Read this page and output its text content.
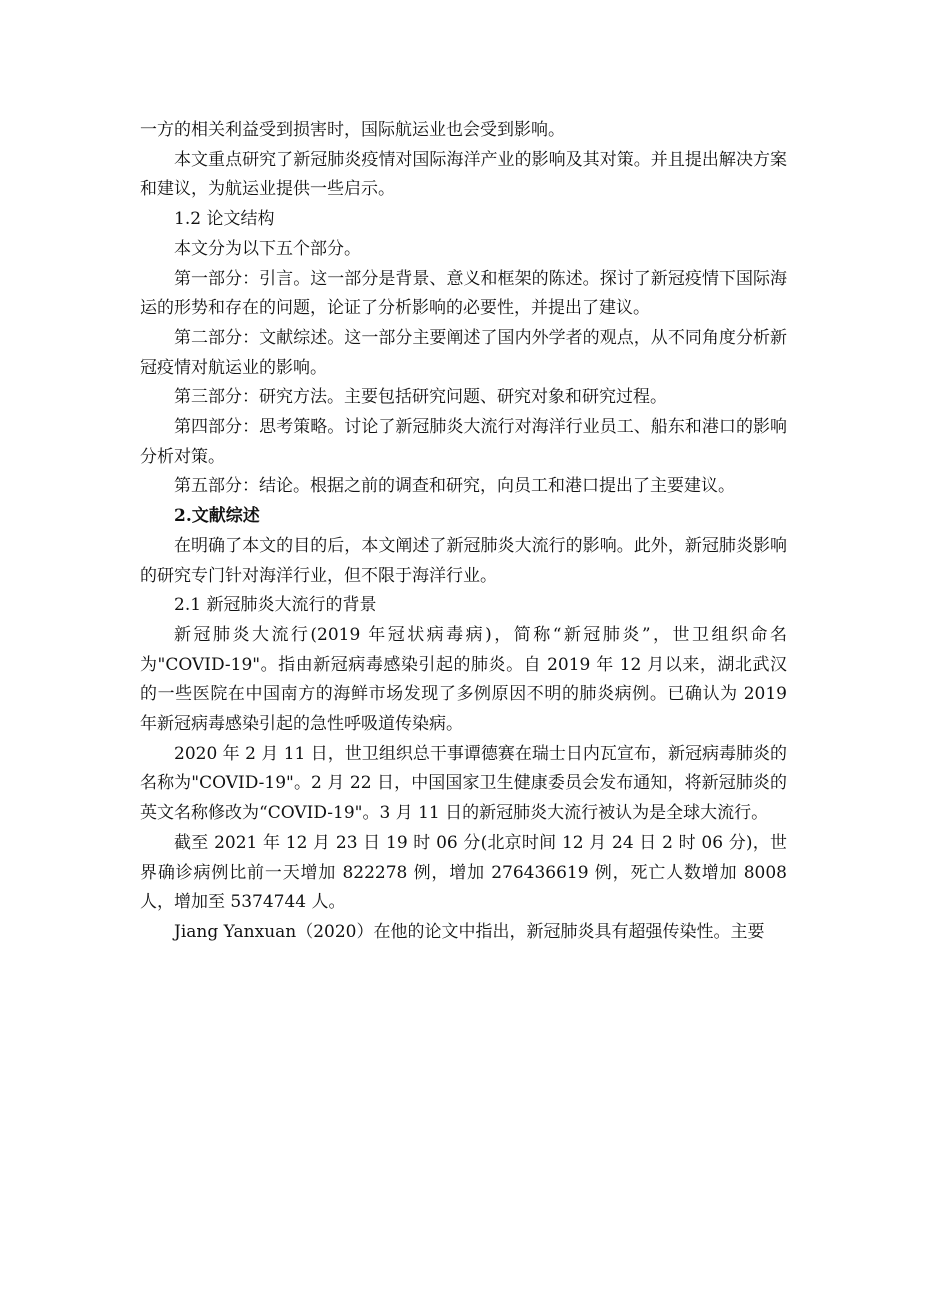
一方的相关利益受到损害时，国际航运业也会受到影响。

本文重点研究了新冠肺炎疫情对国际海洋产业的影响及其对策。并且提出解决方案和建议，为航运业提供一些启示。

1.2 论文结构

本文分为以下五个部分。

第一部分：引言。这一部分是背景、意义和框架的陈述。探讨了新冠疫情下国际海运的形势和存在的问题，论证了分析影响的必要性，并提出了建议。

第二部分：文献综述。这一部分主要阐述了国内外学者的观点，从不同角度分析新冠疫情对航运业的影响。

第三部分：研究方法。主要包括研究问题、研究对象和研究过程。

第四部分：思考策略。讨论了新冠肺炎大流行对海洋行业员工、船东和港口的影响分析对策。

第五部分：结论。根据之前的调查和研究，向员工和港口提出了主要建议。

2.文献综述

在明确了本文的目的后，本文阐述了新冠肺炎大流行的影响。此外，新冠肺炎影响的研究专门针对海洋行业，但不限于海洋行业。

2.1 新冠肺炎大流行的背景

新冠肺炎大流行(2019 年冠状病毒病)，简称“新冠肺炎”，世卫组织命名为"COVID-19"。指由新冠病毒感染引起的肺炎。自 2019 年 12 月以来，湖北武汉的一些医院在中国南方的海鲜市场发现了多例原因不明的肺炎病例。已确认为 2019 年新冠病毒感染引起的急性呼吸道传染病。

2020 年 2 月 11 日，世卫组织总干事谭德赛在瑞士日内瓦宣布，新冠病毒肺炎的名称为"COVID-19"。2 月 22 日，中国国家卫生健康委员会发布通知，将新冠肺炎的英文名称修改为“COVID-19"。3 月 11 日的新冠肺炎大流行被认为是全球大流行。

截至 2021 年 12 月 23 日 19 时 06 分(北京时间 12 月 24 日 2 时 06 分)，世界确诊病例比前一天增加 822278 例，增加 276436619 例，死亡人数增加 8008 人，增加至 5374744 人。

Jiang Yanxuan（2020）在他的论文中指出，新冠肺炎具有超强传染性。主要
